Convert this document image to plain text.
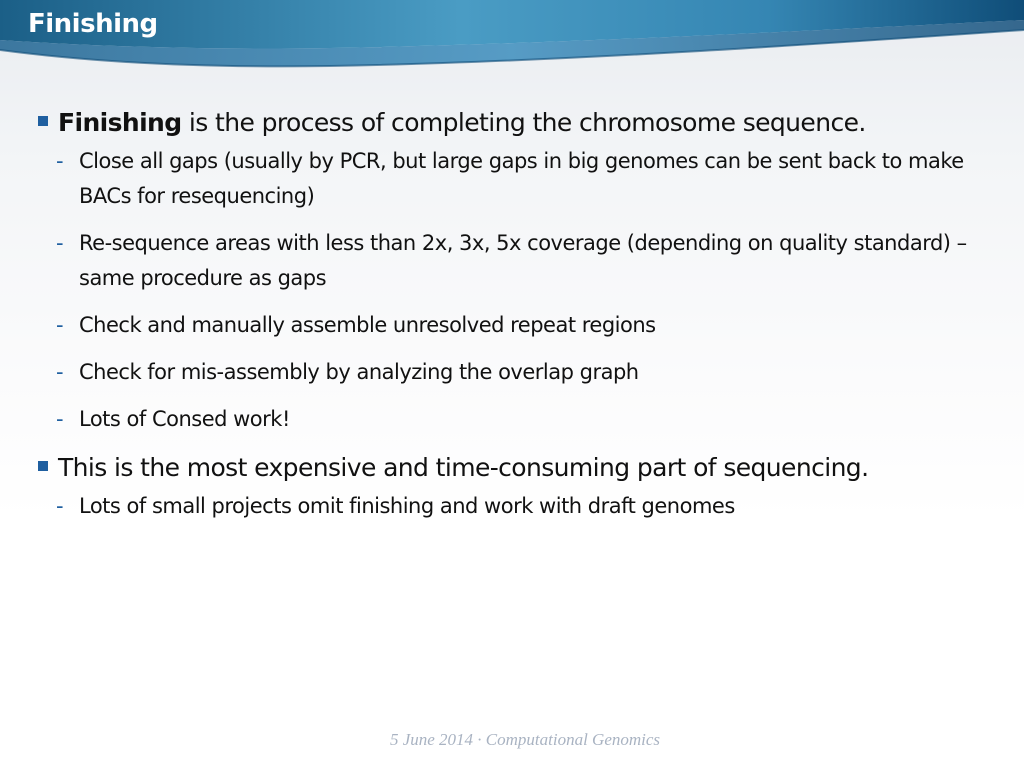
Finishing
Finishing is the process of completing the chromosome sequence.
- Close all gaps (usually by PCR, but large gaps in big genomes can be sent back to make BACs for resequencing)
- Re-sequence areas with less than 2x, 3x, 5x coverage (depending on quality standard) – same procedure as gaps
- Check and manually assemble unresolved repeat regions
- Check for mis-assembly by analyzing the overlap graph
- Lots of Consed work!
This is the most expensive and time-consuming part of sequencing.
- Lots of small projects omit finishing and work with draft genomes
5 June 2014 · Computational Genomics
